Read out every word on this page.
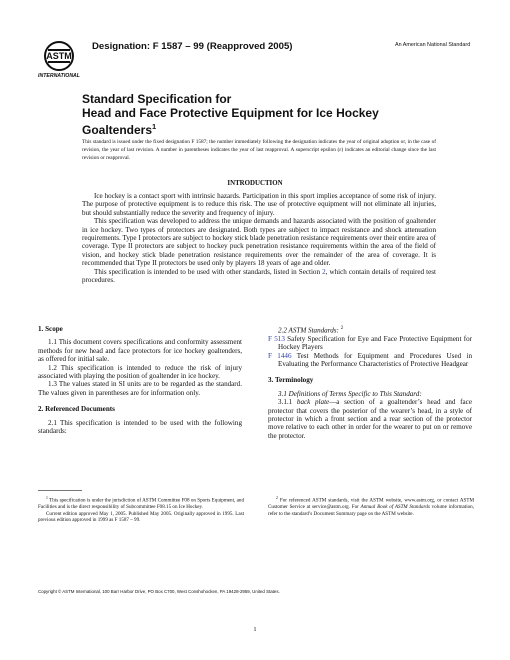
ASTM
INTERNATIONAL
Designation: F 1587 – 99 (Reapproved 2005)	An American National Standard
Standard Specification for
Head and Face Protective Equipment for Ice Hockey
Goaltenders$^1$
This standard is issued under the fixed designation F 1587; the number immediately following the designation indicates the year of original adoption or, in the case of revision, the year of last revision. A number in parentheses indicates the year of last reapproval. A superscript epsilon (ε) indicates an editorial change since the last revision or reapproval.
INTRODUCTION

Ice hockey is a contact sport with intrinsic hazards. Participation in this sport implies acceptance of some risk of injury. The purpose of protective equipment is to reduce this risk. The use of protective equipment will not eliminate all injuries, but should substantially reduce the severity and frequency of injury.

This specification was developed to address the unique demands and hazards associated with the position of goaltender in ice hockey. Two types of protectors are designated. Both types are subject to impact resistance and shock attenuation requirements. Type I protectors are subject to hockey stick blade penetration resistance requirements over their entire area of coverage. Type II protectors are subject to hockey puck penetration resistance requirements within the area of the field of vision, and hockey stick blade penetration resistance requirements over the remainder of the area of coverage. It is recommended that Type II protectors be used only by players 18 years of age and older.

This specification is intended to be used with other standards, listed in Section 2, which contain details of required test procedures.

1. Scope

1.1 This document covers specifications and conformity assessment methods for new head and face protectors for ice hockey goaltenders, as offered for initial sale.

1.2 This specification is intended to reduce the risk of injury associated with playing the position of goaltender in ice hockey.

1.3 The values stated in SI units are to be regarded as the standard. The values given in parentheses are for information only.

2. Referenced Documents

2.1 This specification is intended to be used with the following standards:

2.2 ASTM Standards: $^2$

F 513 Safety Specification for Eye and Face Protective Equipment for Hockey Players

F 1446 Test Methods for Equipment and Procedures Used in Evaluating the Performance Characteristics of Protective Headgear

3. Terminology

3.1 Definitions of Terms Specific to This Standard:

3.1.1 back plate—a section of a goaltender’s head and face protector that covers the posterior of the wearer’s head, in a style of protector in which a front section and a rear section of the protector move relative to each other in order for the wearer to put on or remove the protector.

$^1$ This specification is under the jurisdiction of ASTM Committee F08 on Sports Equipment, and Facilities and is the direct responsibility of Subcommittee F08.15 on Ice Hockey.

Current edition approved May 1, 2005. Published May 2005. Originally approved in 1995. Last previous edition approved in 1999 as F 1587 – 99.

$^2$ For referenced ASTM standards, visit the ASTM website, www.astm.org, or contact ASTM Customer Service at service@astm.org. For Annual Book of ASTM Standards volume information, refer to the standard’s Document Summary page on the ASTM website.

Copyright © ASTM International, 100 Barr Harbor Drive, PO Box C700, West Conshohocken, PA 19428-2959, United States.
1
